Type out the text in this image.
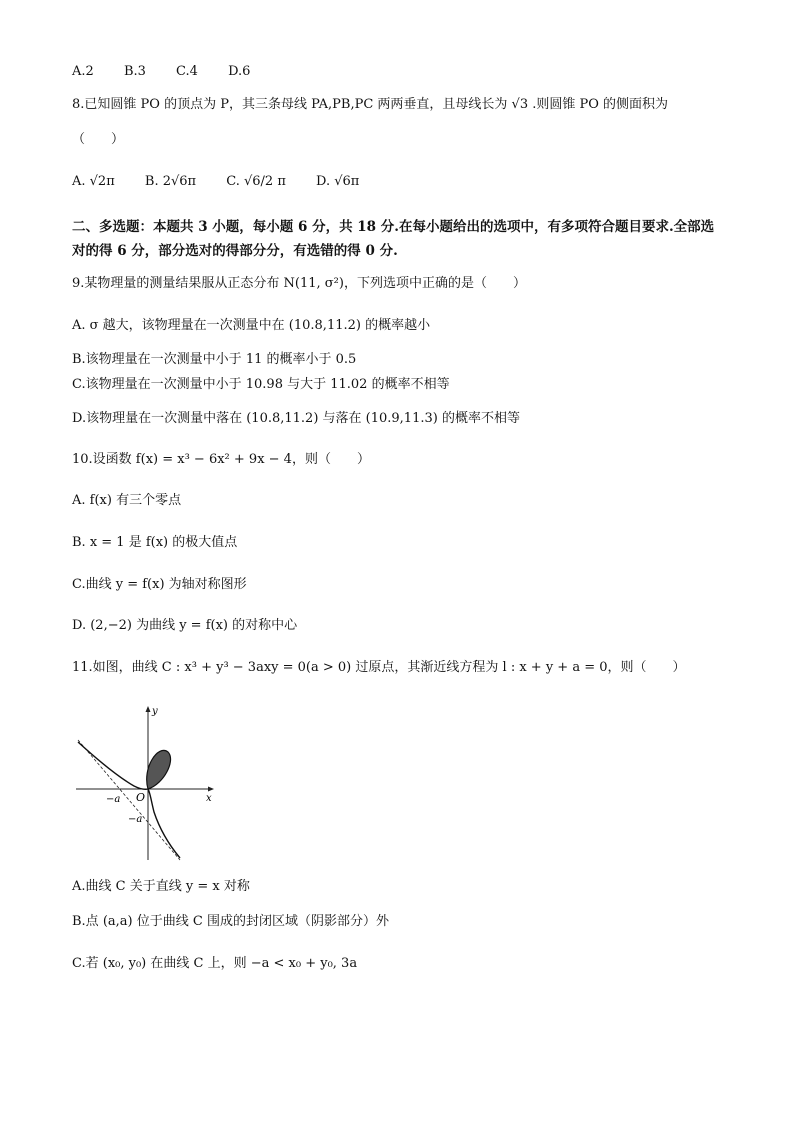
A.2 B.3 C.4 D.6
8.已知圆锥 PO 的顶点为 P，其三条母线 PA,PB,PC 两两垂直，且母线长为 √3 .则圆锥 PO 的侧面积为
（　　）
A. √2π B. 2√6π C. √6/2 π D. √6π
二、多选题：本题共 3 小题，每小题 6 分，共 18 分.在每小题给出的选项中，有多项符合题目要求.全部选对的得 6 分，部分选对的得部分分，有选错的得 0 分.
9.某物理量的测量结果服从正态分布 N(11, σ²)，下列选项中正确的是（　　）
A. σ 越大，该物理量在一次测量中在 (10.8,11.2) 的概率越小
B.该物理量在一次测量中小于 11 的概率小于 0.5
C.该物理量在一次测量中小于 10.98 与大于 11.02 的概率不相等
D.该物理量在一次测量中落在 (10.8,11.2) 与落在 (10.9,11.3) 的概率不相等
10.设函数 f(x) = x³ − 6x² + 9x − 4，则（　　）
A. f(x) 有三个零点
B. x = 1 是 f(x) 的极大值点
C.曲线 y = f(x) 为轴对称图形
D. (2,−2) 为曲线 y = f(x) 的对称中心
11.如图，曲线 C : x³ + y³ − 3axy = 0(a > 0) 过原点，其渐近线方程为 l : x + y + a = 0，则（　　）
y
x
−a O
−a
A.曲线 C 关于直线 y = x 对称
B.点 (a,a) 位于曲线 C 围成的封闭区域（阴影部分）外
C.若 (x₀, y₀) 在曲线 C 上，则 −a < x₀ + y₀, 3a
